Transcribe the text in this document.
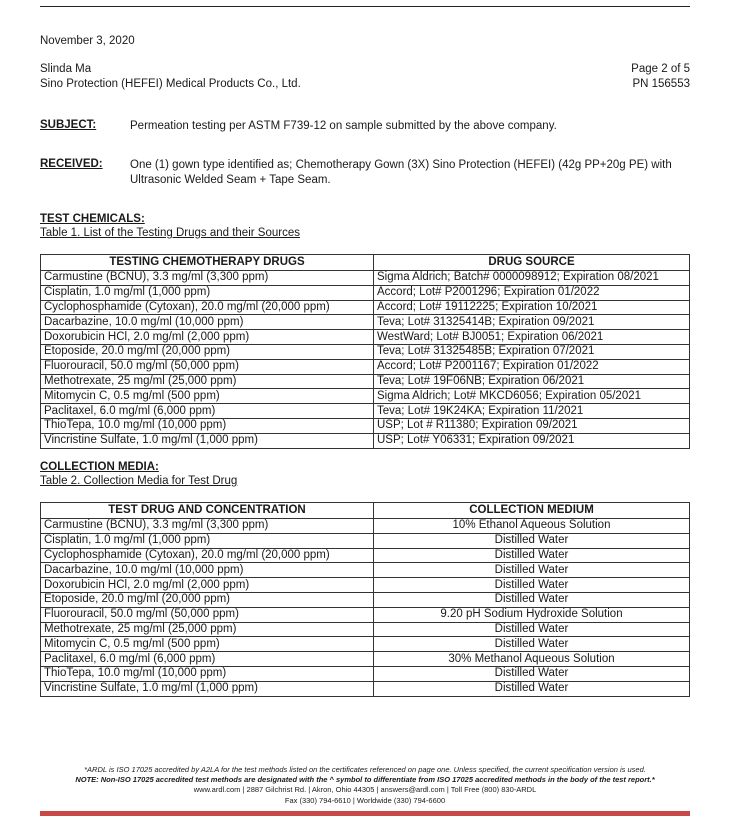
November 3, 2020
Slinda Ma
Sino Protection (HEFEI) Medical Products Co., Ltd.
Page 2 of 5
PN 156553
SUBJECT:	Permeation testing per ASTM F739-12 on sample submitted by the above company.
RECEIVED:	One (1) gown type identified as; Chemotherapy Gown (3X) Sino Protection (HEFEI) (42g PP+20g PE) with Ultrasonic Welded Seam + Tape Seam.
TEST CHEMICALS:
Table 1. List of the Testing Drugs and their Sources
TESTING CHEMOTHERAPY DRUGS	DRUG SOURCE
Carmustine (BCNU), 3.3 mg/ml (3,300 ppm)	Sigma Aldrich; Batch# 0000098912; Expiration 08/2021
Cisplatin, 1.0 mg/ml (1,000 ppm)	Accord; Lot# P2001296; Expiration 01/2022
Cyclophosphamide (Cytoxan), 20.0 mg/ml (20,000 ppm)	Accord; Lot# 19112225; Expiration 10/2021
Dacarbazine, 10.0 mg/ml (10,000 ppm)	Teva; Lot# 31325414B; Expiration 09/2021
Doxorubicin HCl, 2.0 mg/ml (2,000 ppm)	WestWard; Lot# BJ0051; Expiration 06/2021
Etoposide, 20.0 mg/ml (20,000 ppm)	Teva; Lot# 31325485B; Expiration 07/2021
Fluorouracil, 50.0 mg/ml (50,000 ppm)	Accord; Lot# P2001167; Expiration 01/2022
Methotrexate, 25 mg/ml (25,000 ppm)	Teva; Lot# 19F06NB; Expiration 06/2021
Mitomycin C, 0.5 mg/ml (500 ppm)	Sigma Aldrich; Lot# MKCD6056; Expiration 05/2021
Paclitaxel, 6.0 mg/ml (6,000 ppm)	Teva; Lot# 19K24KA; Expiration 11/2021
ThioTepa, 10.0 mg/ml (10,000 ppm)	USP; Lot # R11380; Expiration 09/2021
Vincristine Sulfate, 1.0 mg/ml (1,000 ppm)	USP; Lot# Y06331; Expiration 09/2021
COLLECTION MEDIA:
Table 2. Collection Media for Test Drug
TEST DRUG AND CONCENTRATION	COLLECTION MEDIUM
Carmustine (BCNU), 3.3 mg/ml (3,300 ppm)	10% Ethanol Aqueous Solution
Cisplatin, 1.0 mg/ml (1,000 ppm)	Distilled Water
Cyclophosphamide (Cytoxan), 20.0 mg/ml (20,000 ppm)	Distilled Water
Dacarbazine, 10.0 mg/ml (10,000 ppm)	Distilled Water
Doxorubicin HCl, 2.0 mg/ml (2,000 ppm)	Distilled Water
Etoposide, 20.0 mg/ml (20,000 ppm)	Distilled Water
Fluorouracil, 50.0 mg/ml (50,000 ppm)	9.20 pH Sodium Hydroxide Solution
Methotrexate, 25 mg/ml (25,000 ppm)	Distilled Water
Mitomycin C, 0.5 mg/ml (500 ppm)	Distilled Water
Paclitaxel, 6.0 mg/ml (6,000 ppm)	30% Methanol Aqueous Solution
ThioTepa, 10.0 mg/ml (10,000 ppm)	Distilled Water
Vincristine Sulfate, 1.0 mg/ml (1,000 ppm)	Distilled Water
*ARDL is ISO 17025 accredited by A2LA for the test methods listed on the certificates referenced on page one. Unless specified, the current specification version is used.
NOTE: Non-ISO 17025 accredited test methods are designated with the ^ symbol to differentiate from ISO 17025 accredited methods in the body of the test report.*
www.ardl.com | 2887 Gilchrist Rd. | Akron, Ohio 44305 | answers@ardl.com | Toll Free (800) 830-ARDL
Fax (330) 794-6610 | Worldwide (330) 794-6600
